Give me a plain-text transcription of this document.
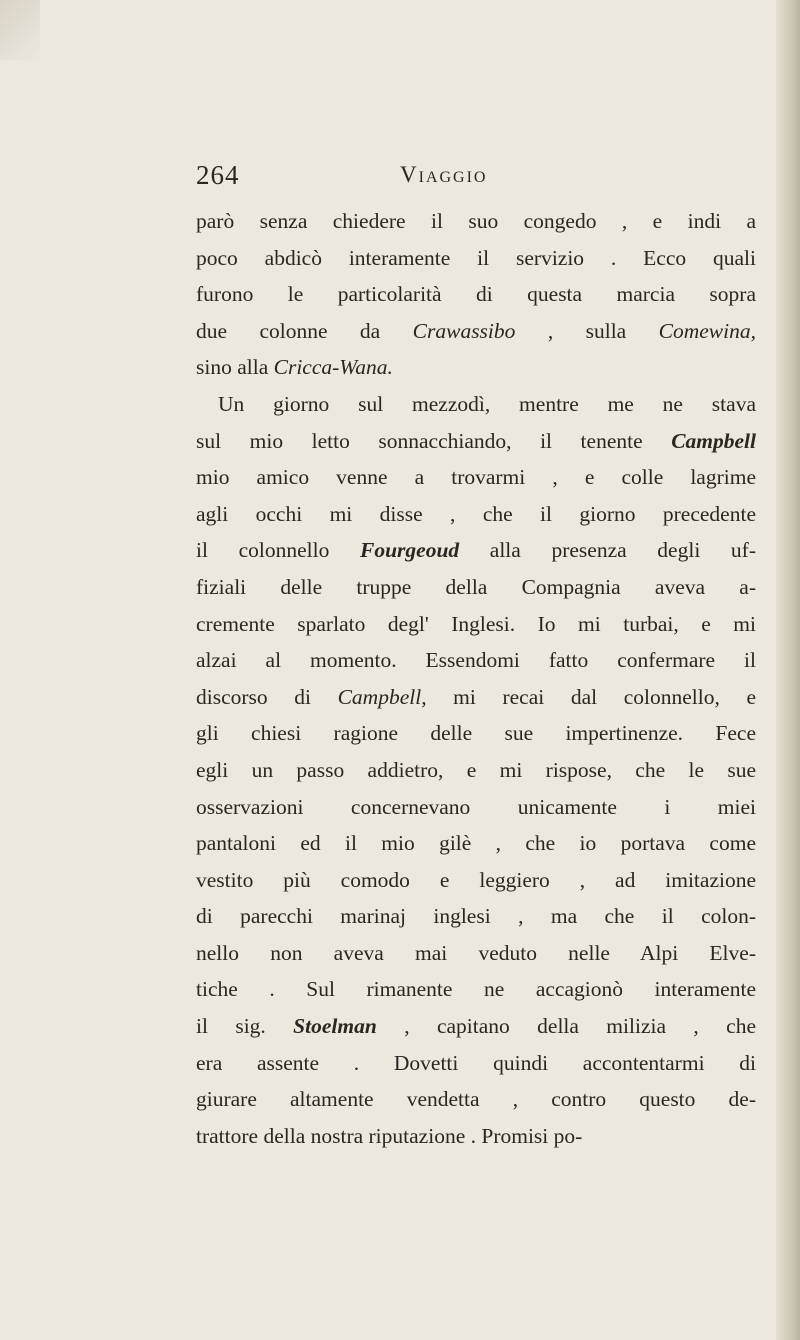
264	Viaggio
parò senza chiedere il suo congedo , e indi a
poco abdicò interamente il servizio . Ecco quali
furono le particolarità di questa marcia sopra
due colonne da Crawassibo , sulla Comewina,
sino alla Cricca-Wana.
Un giorno sul mezzodì, mentre me ne stava
sul mio letto sonnacchiando, il tenente Campbell
mio amico venne a trovarmi , e colle lagrime
agli occhi mi disse , che il giorno precedente
il colonnello Fourgeoud alla presenza degli uf-
fiziali delle truppe della Compagnia aveva a-
cremente sparlato degl' Inglesi. Io mi turbai, e mi
alzai al momento. Essendomi fatto confermare il
discorso di Campbell, mi recai dal colonnello, e
gli chiesi ragione delle sue impertinenze. Fece
egli un passo addietro, e mi rispose, che le sue
osservazioni concernevano unicamente i miei
pantaloni ed il mio gilè , che io portava come
vestito più comodo e leggiero , ad imitazione
di parecchi marinaj inglesi , ma che il colon-
nello non aveva mai veduto nelle Alpi Elve-
tiche . Sul rimanente ne accagionò interamente
il sig. Stoelman , capitano della milizia , che
era assente . Dovetti quindi accontentarmi di
giurare altamente vendetta , contro questo de-
trattore della nostra riputazione . Promisi po-
